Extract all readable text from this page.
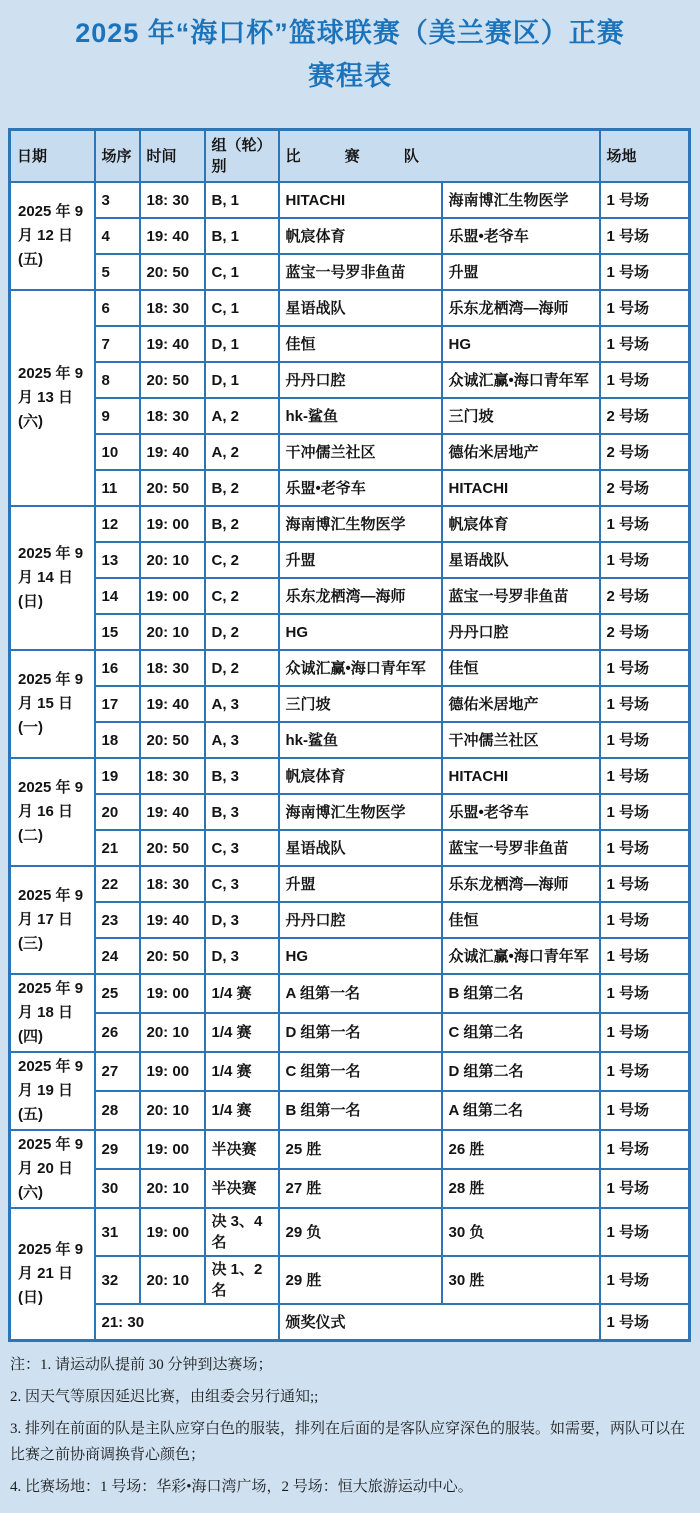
2025 年“海口杯”篮球联赛（美兰赛区）正赛
赛程表
日期	场序	时间	组（轮）别	比 赛 队		场地
2025 年 9 月 12 日 (五)	3	18: 30	B, 1	HITACHI	海南博汇生物医学	1 号场
	4	19: 40	B, 1	帆宸体育	乐盟•老爷车	1 号场
	5	20: 50	C, 1	蓝宝一号罗非鱼苗	升盟	1 号场
2025 年 9 月 13 日 (六)	6	18: 30	C, 1	星语战队	乐东龙栖湾—海师	1 号场
	7	19: 40	D, 1	佳恒	HG	1 号场
	8	20: 50	D, 1	丹丹口腔	众诚汇赢•海口青年军	1 号场
	9	18: 30	A, 2	hk-鲨鱼	三门坡	2 号场
	10	19: 40	A, 2	干冲儒兰社区	德佑米居地产	2 号场
	11	20: 50	B, 2	乐盟•老爷车	HITACHI	2 号场
2025 年 9 月 14 日 (日)	12	19: 00	B, 2	海南博汇生物医学	帆宸体育	1 号场
	13	20: 10	C, 2	升盟	星语战队	1 号场
	14	19: 00	C, 2	乐东龙栖湾—海师	蓝宝一号罗非鱼苗	2 号场
	15	20: 10	D, 2	HG	丹丹口腔	2 号场
2025 年 9 月 15 日 (一)	16	18: 30	D, 2	众诚汇赢•海口青年军	佳恒	1 号场
	17	19: 40	A, 3	三门坡	德佑米居地产	1 号场
	18	20: 50	A, 3	hk-鲨鱼	干冲儒兰社区	1 号场
2025 年 9 月 16 日 (二)	19	18: 30	B, 3	帆宸体育	HITACHI	1 号场
	20	19: 40	B, 3	海南博汇生物医学	乐盟•老爷车	1 号场
	21	20: 50	C, 3	星语战队	蓝宝一号罗非鱼苗	1 号场
2025 年 9 月 17 日 (三)	22	18: 30	C, 3	升盟	乐东龙栖湾—海师	1 号场
	23	19: 40	D, 3	丹丹口腔	佳恒	1 号场
	24	20: 50	D, 3	HG	众诚汇赢•海口青年军	1 号场
2025 年 9 月 18 日 (四)	25	19: 00	1/4 赛	A 组第一名	B 组第二名	1 号场
	26	20: 10	1/4 赛	D 组第一名	C 组第二名	1 号场
2025 年 9 月 19 日 (五)	27	19: 00	1/4 赛	C 组第一名	D 组第二名	1 号场
	28	20: 10	1/4 赛	B 组第一名	A 组第二名	1 号场
2025 年 9 月 20 日 (六)	29	19: 00	半决赛	25 胜	26 胜	1 号场
	30	20: 10	半决赛	27 胜	28 胜	1 号场
2025 年 9 月 21 日 (日)	31	19: 00	决 3、4 名	29 负	30 负	1 号场
	32	20: 10	决 1、2 名	29 胜	30 胜	1 号场
	21: 30			颁奖仪式		1 号场

注：1. 请运动队提前 30 分钟到达赛场；

2. 因天气等原因延迟比赛，由组委会另行通知;;

3. 排列在前面的队是主队应穿白色的服装，排列在后面的是客队应穿深色的服装。如需要，两队可以在比赛之前协商调换背心颜色；

4. 比赛场地：1 号场：华彩•海口湾广场，2 号场：恒大旅游运动中心。
